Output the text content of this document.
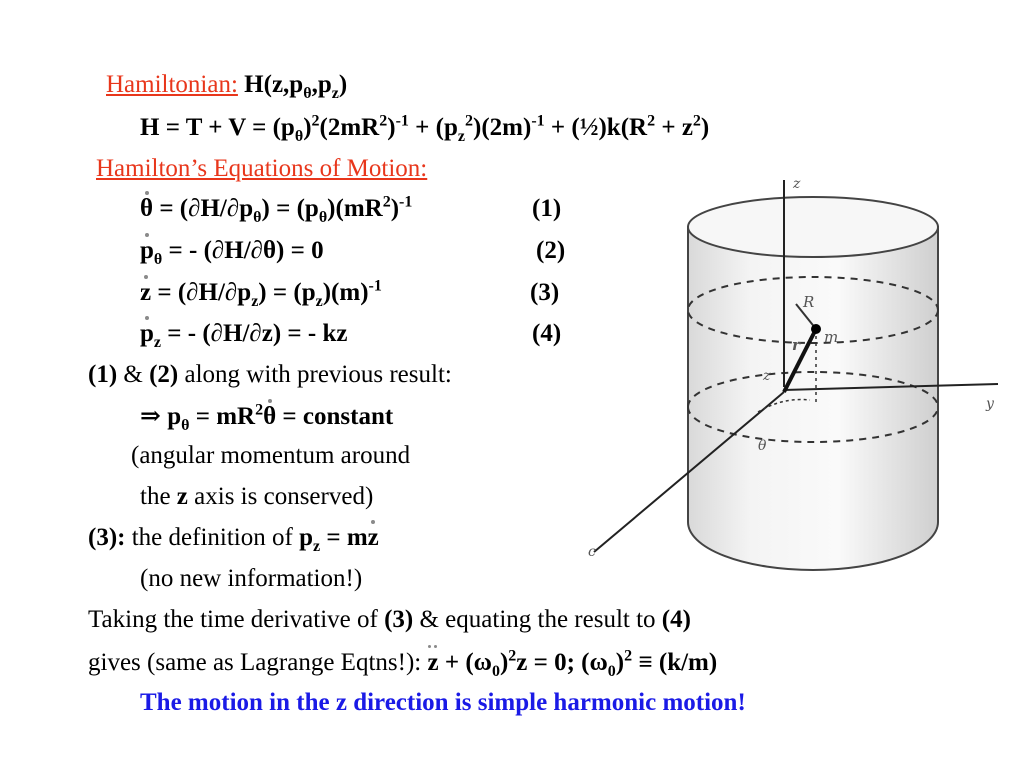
Hamiltonian: $H(z,p_\theta,p_z)$
$H = T + V = (p_\theta)^2(2mR^2)^{-1} + (p_z^2)(2m)^{-1}$ + $(\frac{1}{2})k(R^2 + z^2)$
Hamilton’s Equations of Motion:
$\theta = (\partial H/\partial p_\theta) = (p_\theta)(mR^2)^{-1}$	(1)
$p_\theta$ = - (∂H/∂θ) = 0	(2)
$z = (\partial H/\partial p_z) = (p_z)(m)^{-1}$	(3)
$p_z$ = - (∂H/∂z) = - kz	(4)
(1) & (2) along with previous result:
⇒ $p_\theta = mR^2\theta$ = constant
(angular momentum around
the z axis is conserved)
(3): the definition of $p_z$ = mz
(no new information!)
Taking the time derivative of (3) & equating the result to (4)
gives (same as Lagrange Eqtns!): $z + (\omega_0)^2z = 0$; $(\omega_0)^2 \equiv (k/m)$
The motion in the z direction is simple harmonic motion!
z
y
R
r m
z
θ
c
